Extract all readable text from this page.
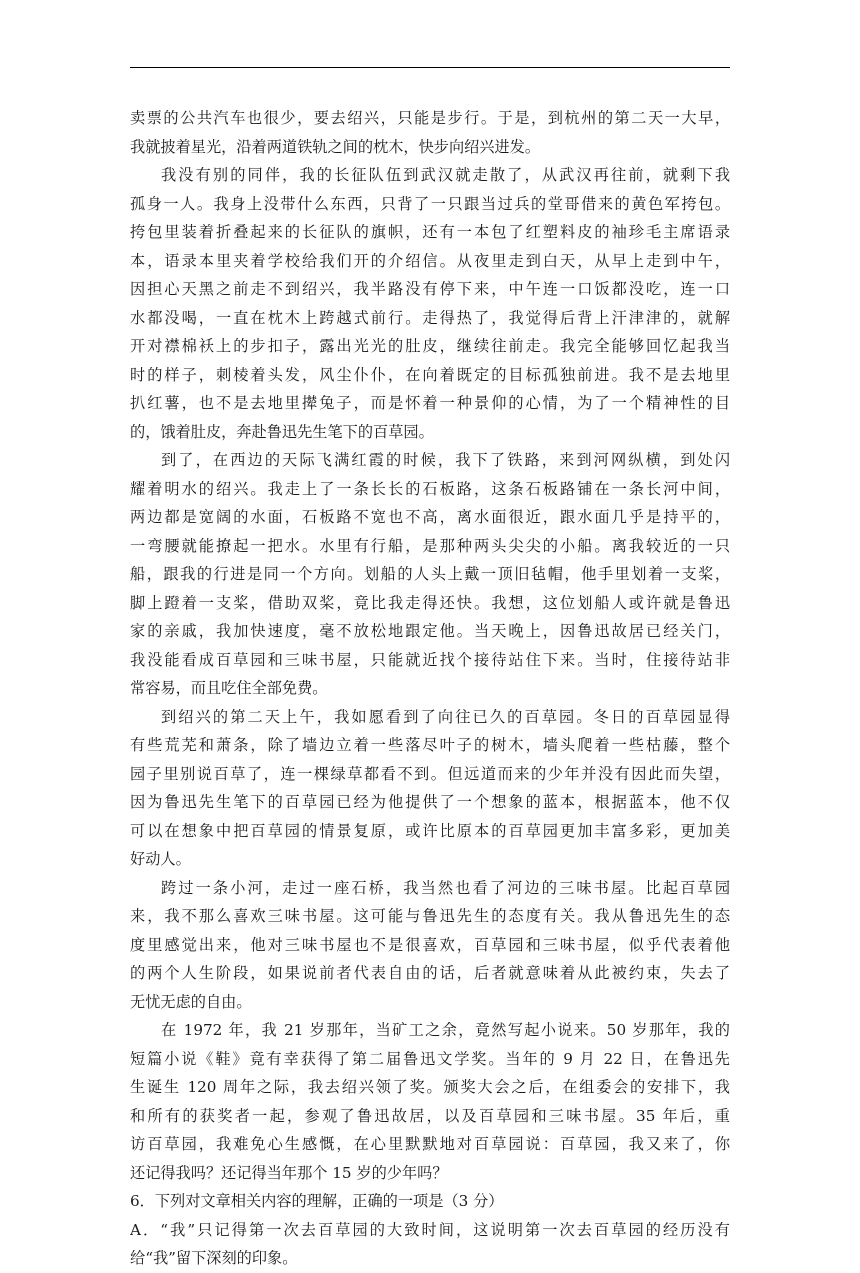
卖票的公共汽车也很少，要去绍兴，只能是步行。于是，到杭州的第二天一大早，
我就披着星光，沿着两道铁轨之间的枕木，快步向绍兴进发。
我没有别的同伴，我的长征队伍到武汉就走散了，从武汉再往前，就剩下我
孤身一人。我身上没带什么东西，只背了一只跟当过兵的堂哥借来的黄色军挎包。
挎包里装着折叠起来的长征队的旗帜，还有一本包了红塑料皮的袖珍毛主席语录
本，语录本里夹着学校给我们开的介绍信。从夜里走到白天，从早上走到中午，
因担心天黑之前走不到绍兴，我半路没有停下来，中午连一口饭都没吃，连一口
水都没喝，一直在枕木上跨越式前行。走得热了，我觉得后背上汗津津的，就解
开对襟棉袄上的步扣子，露出光光的肚皮，继续往前走。我完全能够回忆起我当
时的样子，刺棱着头发，风尘仆仆，在向着既定的目标孤独前进。我不是去地里
扒红薯，也不是去地里撵兔子，而是怀着一种景仰的心情，为了一个精神性的目
的，饿着肚皮，奔赴鲁迅先生笔下的百草园。
到了，在西边的天际飞满红霞的时候，我下了铁路，来到河网纵横，到处闪
耀着明水的绍兴。我走上了一条长长的石板路，这条石板路铺在一条长河中间，
两边都是宽阔的水面，石板路不宽也不高，离水面很近，跟水面几乎是持平的，
一弯腰就能撩起一把水。水里有行船，是那种两头尖尖的小船。离我较近的一只
船，跟我的行进是同一个方向。划船的人头上戴一顶旧毡帽，他手里划着一支桨，
脚上蹬着一支桨，借助双桨，竟比我走得还快。我想，这位划船人或许就是鲁迅
家的亲戚，我加快速度，毫不放松地跟定他。当天晚上，因鲁迅故居已经关门，
我没能看成百草园和三味书屋，只能就近找个接待站住下来。当时，住接待站非
常容易，而且吃住全部免费。
到绍兴的第二天上午，我如愿看到了向往已久的百草园。冬日的百草园显得
有些荒芜和萧条，除了墙边立着一些落尽叶子的树木，墙头爬着一些枯藤，整个
园子里别说百草了，连一棵绿草都看不到。但远道而来的少年并没有因此而失望，
因为鲁迅先生笔下的百草园已经为他提供了一个想象的蓝本，根据蓝本，他不仅
可以在想象中把百草园的情景复原，或许比原本的百草园更加丰富多彩，更加美
好动人。
跨过一条小河，走过一座石桥，我当然也看了河边的三味书屋。比起百草园
来，我不那么喜欢三味书屋。这可能与鲁迅先生的态度有关。我从鲁迅先生的态
度里感觉出来，他对三味书屋也不是很喜欢，百草园和三味书屋，似乎代表着他
的两个人生阶段，如果说前者代表自由的话，后者就意味着从此被约束，失去了
无忧无虑的自由。
在 1972 年，我 21 岁那年，当矿工之余，竟然写起小说来。50 岁那年，我的
短篇小说《鞋》竟有幸获得了第二届鲁迅文学奖。当年的 9 月 22 日，在鲁迅先
生诞生 120 周年之际，我去绍兴领了奖。颁奖大会之后，在组委会的安排下，我
和所有的获奖者一起，参观了鲁迅故居，以及百草园和三味书屋。35 年后，重
访百草园，我难免心生感慨，在心里默默地对百草园说：百草园，我又来了，你
还记得我吗？还记得当年那个 15 岁的少年吗？
6．下列对文章相关内容的理解，正确的一项是（3 分）
A．“我”只记得第一次去百草园的大致时间，这说明第一次去百草园的经历没有
给“我”留下深刻的印象。
